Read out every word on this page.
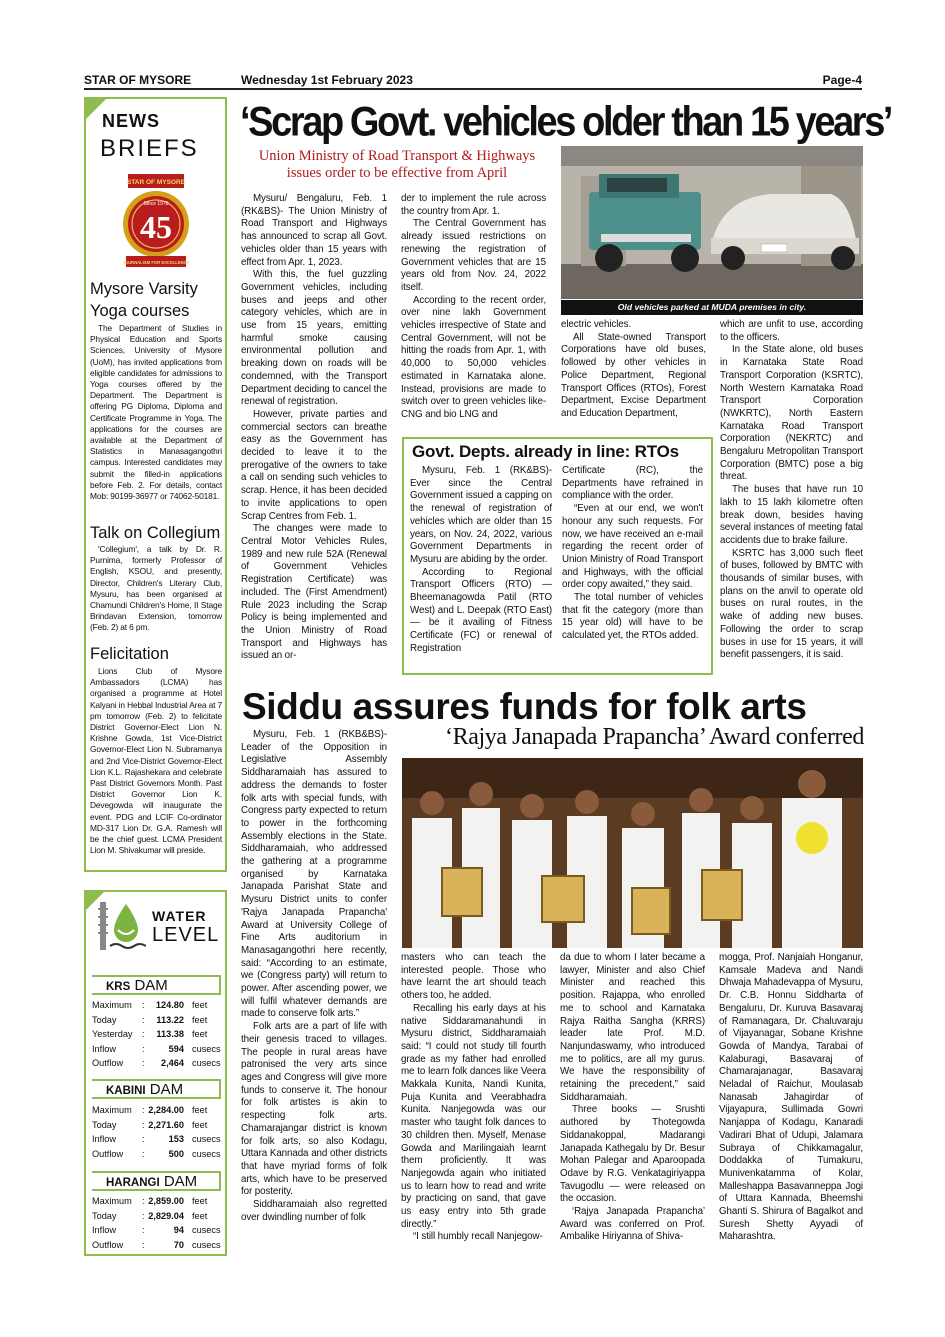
STAR OF MYSORE	Wednesday 1st February 2023	Page-4
NEWS
BRIEFS
STAR OF MYSORE
Since 1978
45
JOURNALISM FOR EXCELLENCE
Mysore Varsity
Yoga courses

The Department of Studies in Physical Education and Sports Sciences, University of Mysore (UoM), has invited applications from eligible candidates for admissions to Yoga courses offered by the Department. The Department is offering PG Diploma, Diploma and Certificate Programme in Yoga. The applications for the courses are available at the Department of Statistics in Manasagangothri campus. Interested candidates may submit the filled-in applications before Feb. 2. For details, contact Mob: 90199-36977 or 74062-50181.

Talk on Collegium

'Collegium', a talk by Dr. R. Purnima, formerly Professor of English, KSOU, and presently, Director, Children's Literary Club, Mysuru, has been organised at Chamundi Children's Home, II Stage Brindavan Extension, tomorrow (Feb. 2) at 6 pm.

Felicitation

Lions Club of Mysore Ambassadors (LCMA) has organised a programme at Hotel Kalyani in Hebbal Industrial Area at 7 pm tomorrow (Feb. 2) to felicitate District Governor-Elect Lion N. Krishne Gowda, 1st Vice-District Governor-Elect Lion N. Subramanya and 2nd Vice-District Governor-Elect Lion K.L. Rajashekara and celebrate Past District Governors Month. Past District Governor Lion K. Devegowda will inaugurate the event. PDG and LCIF Co-ordinator MD-317 Lion Dr. G.A. Ramesh will be the chief guest. LCMA President Lion M. Shivakumar will preside.

WATER
LEVEL
KRS DAM
Maximum : 124.80 feet
Today	: 113.22 feet
Yesterday : 113.38 feet
Inflow	:	594 cusecs
Outflow : 2,464 cusecs
KABINI DAM
Maximum : 2,284.00 feet
Today	: 2,271.60 feet
Inflow	:	153 cusecs
Outflow :	500 cusecs
HARANGI DAM
Maximum : 2,859.00 feet
Today	: 2,829.04 feet
Inflow	:	94 cusecs
Outflow :	70 cusecs
‘Scrap Govt. vehicles older than 15 years’
Union Ministry of Road Transport & Highways issues order to be effective from April
Old vehicles parked at MUDA premises in city.

Mysuru/ Bengaluru, Feb. 1 (RK&BS)- The Union Ministry of Road Transport and Highways has announced to scrap all Govt. vehicles older than 15 years with effect from Apr. 1, 2023.

With this, the fuel guzzling Government vehicles, including buses and jeeps and other category vehicles, which are in use from 15 years, emitting harmful smoke causing environmental pollution and breaking down on roads will be condemned, with the Transport Department deciding to cancel the renewal of registration.

However, private parties and commercial sectors can breathe easy as the Government has decided to leave it to the prerogative of the owners to take a call on sending such vehicles to scrap. Hence, it has been decided to invite applications to open Scrap Centres from Feb. 1.

The changes were made to Central Motor Vehicles Rules, 1989 and new rule 52A (Renewal of Government Vehicles Registration Certificate) was included. The (First Amendment) Rule 2023 including the Scrap Policy is being implemented and the Union Ministry of Road Transport and Highways has issued an or-

der to implement the rule across the country from Apr. 1.

The Central Government has already issued restrictions on renewing the registration of Government vehicles that are 15 years old from Nov. 24, 2022 itself.

According to the recent order, over nine lakh Government vehicles irrespective of State and Central Government, will not be hitting the roads from Apr. 1, with 40,000 to 50,000 vehicles estimated in Karnataka alone. Instead, provisions are made to switch over to green vehicles like-CNG and bio LNG and

electric vehicles.

All State-owned Transport Corporations have old buses, followed by other vehicles in Police Department, Regional Transport Offices (RTOs), Forest Department, Excise Department and Education Department,

which are unfit to use, according to the officers.

In the State alone, old buses in Karnataka State Road Transport Corporation (KSRTC), North Western Karnataka Road Transport Corporation (NWKRTC), North Eastern Karnataka Road Transport Corporation (NEKRTC) and Bengaluru Metropolitan Transport Corporation (BMTC) pose a big threat.

The buses that have run 10 lakh to 15 lakh kilometre often break down, besides having several instances of meeting fatal accidents due to brake failure.

KSRTC has 3,000 such fleet of buses, followed by BMTC with thousands of similar buses, with plans on the anvil to operate old buses on rural routes, in the wake of adding new buses. Following the order to scrap buses in use for 15 years, it will benefit passengers, it is said.

Govt. Depts. already in line: RTOs

Mysuru, Feb. 1 (RK&BS)- Ever since the Central Government issued a capping on the renewal of registration of vehicles which are older than 15 years, on Nov. 24, 2022, various Government Departments in Mysuru are abiding by the order.

According to Regional Transport Officers (RTO) — Bheemanagowda Patil (RTO West) and L. Deepak (RTO East) — be it availing of Fitness Certificate (FC) or renewal of Registration

Certificate (RC), the Departments have refrained in compliance with the order.

“Even at our end, we won't honour any such requests. For now, we have received an e-mail regarding the recent order of Union Ministry of Road Transport and Highways, with the official order copy awaited,” they said.

The total number of vehicles that fit the category (more than 15 year old) will have to be calculated yet, the RTOs added.

Siddu assures funds for folk arts
‘Rajya Janapada Prapancha’ Award conferred

Mysuru, Feb. 1 (RKB&BS)- Leader of the Opposition in Legislative Assembly Siddharamaiah has assured to address the demands to foster folk arts with special funds, with Congress party expected to return to power in the forthcoming Assembly elections in the State. Siddharamaiah, who addressed the gathering at a programme organised by Karnataka Janapada Parishat State and Mysuru District units to confer 'Rajya Janapada Prapancha' Award at University College of Fine Arts auditorium in Manasagangothri here recently, said: “According to an estimate, we (Congress party) will return to power. After ascending power, we will fulfil whatever demands are made to conserve folk arts.”

Folk arts are a part of life with their genesis traced to villages. The people in rural areas have patronised the very arts since ages and Congress will give more funds to conserve it. The honour for folk artistes is akin to respecting folk arts. Chamarajangar district is known for folk arts, so also Kodagu, Uttara Kannada and other districts that have myriad forms of folk arts, which have to be preserved for posterity.

Siddharamaiah also regretted over dwindling number of folk

masters who can teach the interested people. Those who have learnt the art should teach others too, he added.

Recalling his early days at his native Siddaramanahundi in Mysuru district, Siddharamaiah said: “I could not study till fourth grade as my father had enrolled me to learn folk dances like Veera Makkala Kunita, Nandi Kunita, Puja Kunita and Veerabhadra Kunita. Nanjegowda was our master who taught folk dances to 30 children then. Myself, Menase Gowda and Marilingaiah learnt them proficiently. It was Nanjegowda again who initiated us to learn how to read and write by practicing on sand, that gave us easy entry into 5th grade directly.”

“I still humbly recall Nanjegow-

da due to whom I later became a lawyer, Minister and also Chief Minister and reached this position. Rajappa, who enrolled me to school and Karnataka Rajya Raitha Sangha (KRRS) leader late Prof. M.D. Nanjundaswamy, who introduced me to politics, are all my gurus. We have the responsibility of retaining the precedent,” said Siddharamaiah.

Three books — Srushti authored by Thotegowda Siddanakoppal, Madarangi Janapada Kathegalu by Dr. Besur Mohan Palegar and Aparoopada Odave by R.G. Venkatagiriyappa Tavugodlu — were released on the occasion.

‘Rajya Janapada Prapancha’ Award was conferred on Prof. Ambalike Hiriyanna of Shiva-

mogga, Prof. Nanjaiah Honganur, Kamsale Madeva and Nandi Dhwaja Mahadevappa of Mysuru, Dr. C.B. Honnu Siddharta of Bengaluru, Dr. Kuruva Basavaraj of Ramanagara, Dr. Chaluvaraju of Vijayanagar, Sobane Krishne Gowda of Mandya, Tarabai of Kalaburagi, Basavaraj of Chamarajanagar, Basavaraj Neladal of Raichur, Moulasab Nanasab Jahagirdar of Vijayapura, Sullimada Gowri Nanjappa of Kodagu, Kanaradi Vadirari Bhat of Udupi, Jalamara Subraya of Chikkamagalur, Doddakka of Tumakuru, Munivenkatamma of Kolar, Malleshappa Basavanneppa Jogi of Uttara Kannada, Bheemshi Ghanti S. Shirura of Bagalkot and Suresh Shetty Ayyadi of Maharashtra.
